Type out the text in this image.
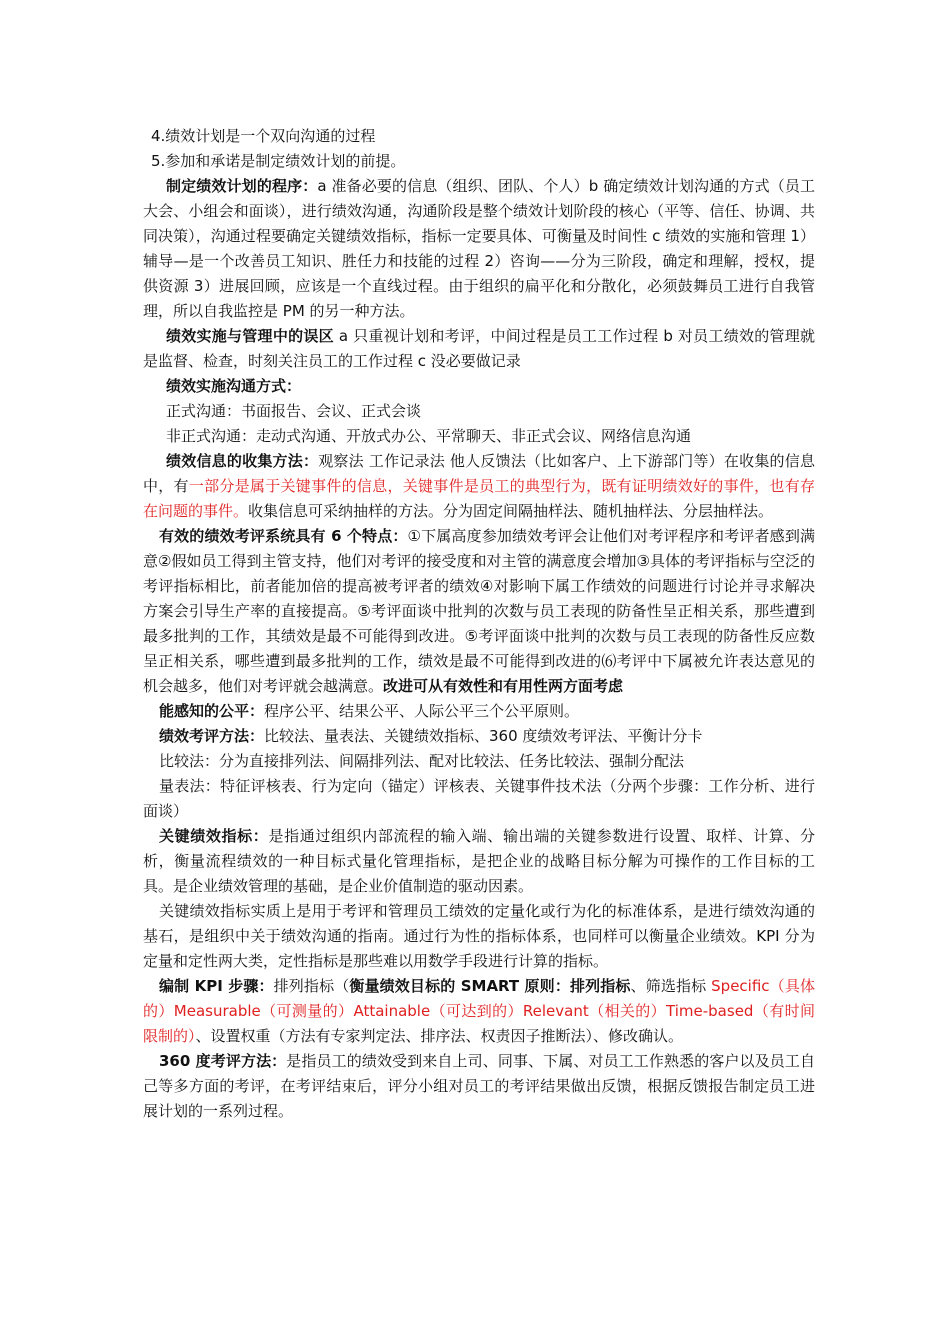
4.绩效计划是一个双向沟通的过程

5.参加和承诺是制定绩效计划的前提。

制定绩效计划的程序：a 准备必要的信息（组织、团队、个人）b 确定绩效计划沟通的方式（员工大会、小组会和面谈），进行绩效沟通，沟通阶段是整个绩效计划阶段的核心（平等、信任、协调、共同决策），沟通过程要确定关键绩效指标，指标一定要具体、可衡量及时间性 c 绩效的实施和管理 1）辅导—是一个改善员工知识、胜任力和技能的过程 2）咨询——分为三阶段，确定和理解，授权，提供资源 3）进展回顾，应该是一个直线过程。由于组织的扁平化和分散化，必须鼓舞员工进行自我管理，所以自我监控是 PM 的另一种方法。

绩效实施与管理中的误区 a 只重视计划和考评，中间过程是员工工作过程 b 对员工绩效的管理就是监督、检查，时刻关注员工的工作过程 c 没必要做记录

绩效实施沟通方式：

正式沟通：书面报告、会议、正式会谈

非正式沟通：走动式沟通、开放式办公、平常聊天、非正式会议、网络信息沟通

绩效信息的收集方法：观察法 工作记录法 他人反馈法（比如客户、上下游部门等）在收集的信息中，有一部分是属于关键事件的信息，关键事件是员工的典型行为，既有证明绩效好的事件，也有存在问题的事件。收集信息可采纳抽样的方法。分为固定间隔抽样法、随机抽样法、分层抽样法。

有效的绩效考评系统具有 6 个特点：①下属高度参加绩效考评会让他们对考评程序和考评者感到满意②假如员工得到主管支持，他们对考评的接受度和对主管的满意度会增加③具体的考评指标与空泛的考评指标相比，前者能加倍的提高被考评者的绩效④对影响下属工作绩效的问题进行讨论并寻求解决方案会引导生产率的直接提高。⑤考评面谈中批判的次数与员工表现的防备性呈正相关系，那些遭到最多批判的工作，其绩效是最不可能得到改进。⑤考评面谈中批判的次数与员工表现的防备性反应数呈正相关系，哪些遭到最多批判的工作，绩效是最不可能得到改进的⑹考评中下属被允许表达意见的机会越多，他们对考评就会越满意。改进可从有效性和有用性两方面考虑

能感知的公平：程序公平、结果公平、人际公平三个公平原则。

绩效考评方法：比较法、量表法、关键绩效指标、360 度绩效考评法、平衡计分卡

比较法：分为直接排列法、间隔排列法、配对比较法、任务比较法、强制分配法

量表法：特征评核表、行为定向（锚定）评核表、关键事件技术法（分两个步骤：工作分析、进行面谈）

关键绩效指标：是指通过组织内部流程的输入端、输出端的关键参数进行设置、取样、计算、分析，衡量流程绩效的一种目标式量化管理指标，是把企业的战略目标分解为可操作的工作目标的工具。是企业绩效管理的基础，是企业价值制造的驱动因素。

关键绩效指标实质上是用于考评和管理员工绩效的定量化或行为化的标准体系，是进行绩效沟通的基石，是组织中关于绩效沟通的指南。通过行为性的指标体系，也同样可以衡量企业绩效。KPI 分为定量和定性两大类，定性指标是那些难以用数学手段进行计算的指标。

编制 KPI 步骤：排列指标（衡量绩效目标的 SMART 原则：排列指标、筛选指标 Specific（具体的）Measurable（可测量的）Attainable（可达到的）Relevant（相关的）Time-based（有时间限制的）、设置权重（方法有专家判定法、排序法、权责因子推断法）、修改确认。

360 度考评方法：是指员工的绩效受到来自上司、同事、下属、对员工工作熟悉的客户以及员工自己等多方面的考评，在考评结束后，评分小组对员工的考评结果做出反馈，根据反馈报告制定员工进展计划的一系列过程。
